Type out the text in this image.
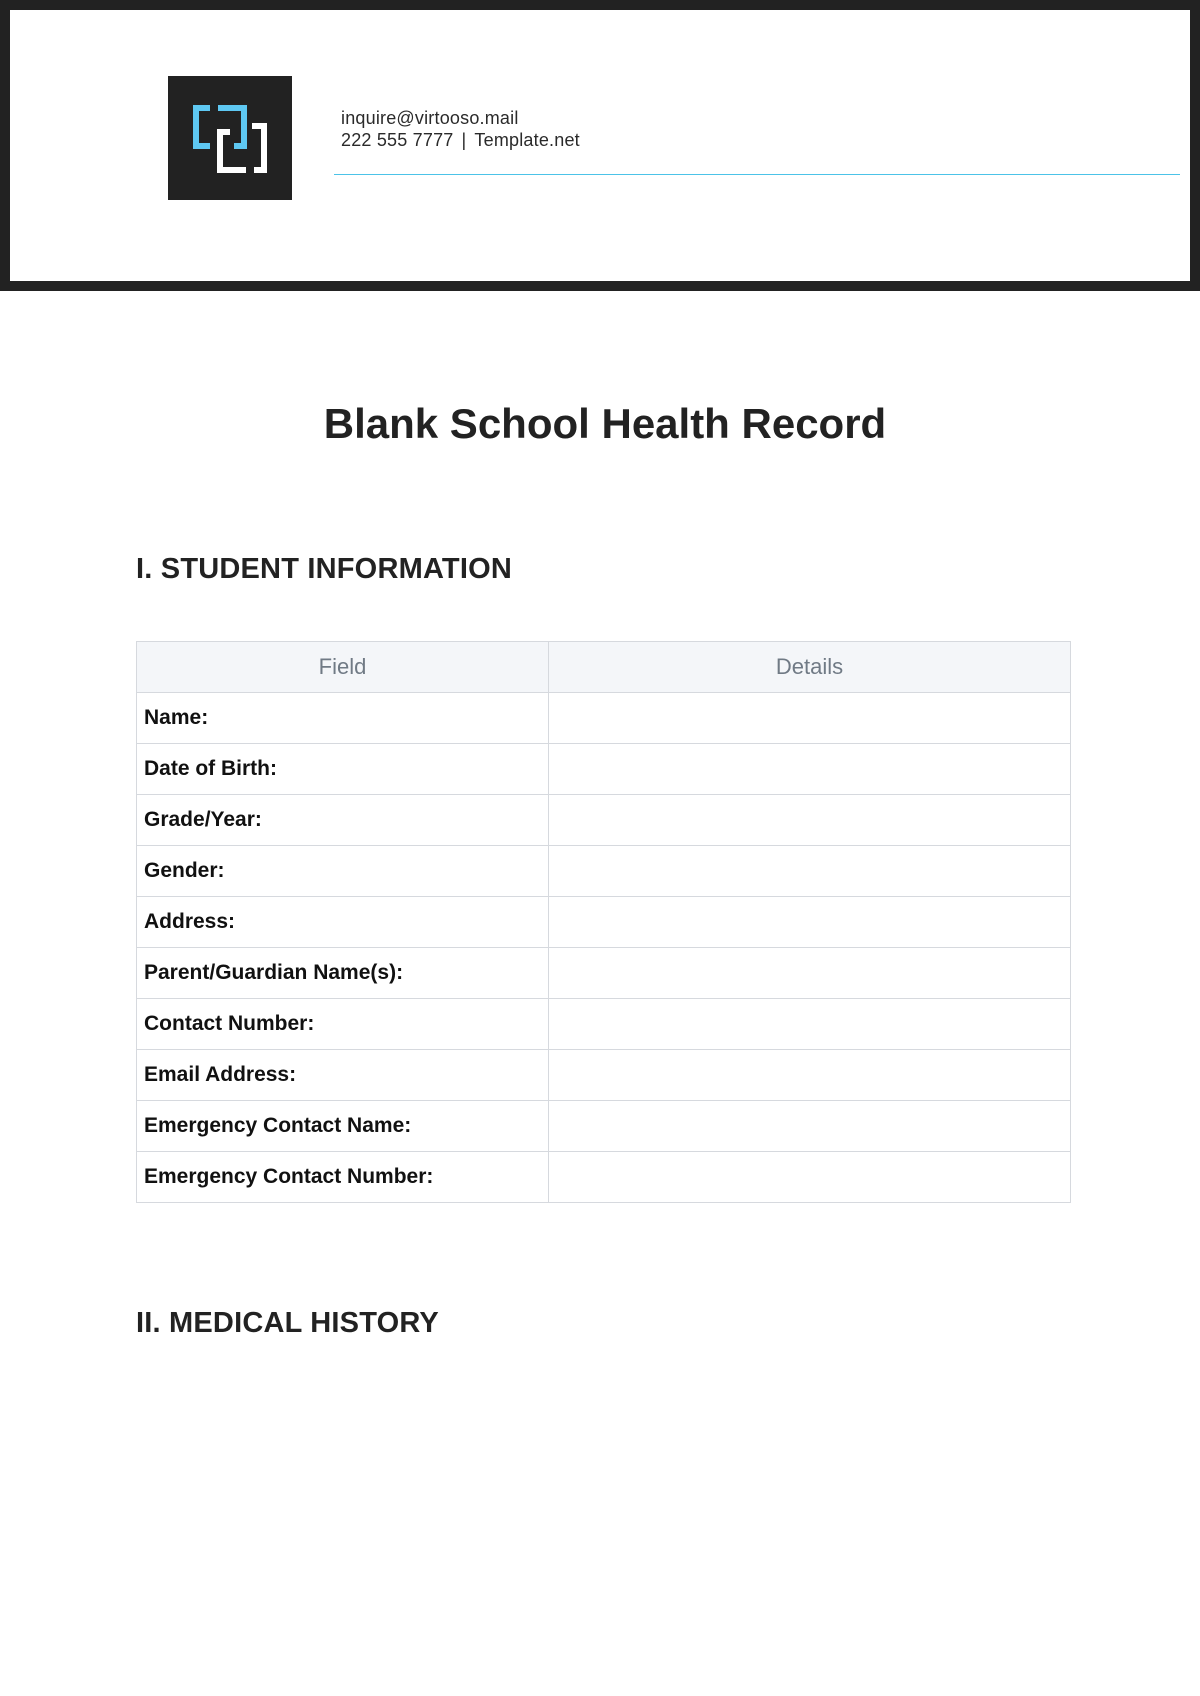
inquire@virtooso.mail
222 555 7777 | Template.net
Blank School Health Record
I. STUDENT INFORMATION
Field	Details
Name:	
Date of Birth:	
Grade/Year:	
Gender:	
Address:	
Parent/Guardian Name(s):	
Contact Number:	
Email Address:	
Emergency Contact Name:	
Emergency Contact Number:	
II. MEDICAL HISTORY
